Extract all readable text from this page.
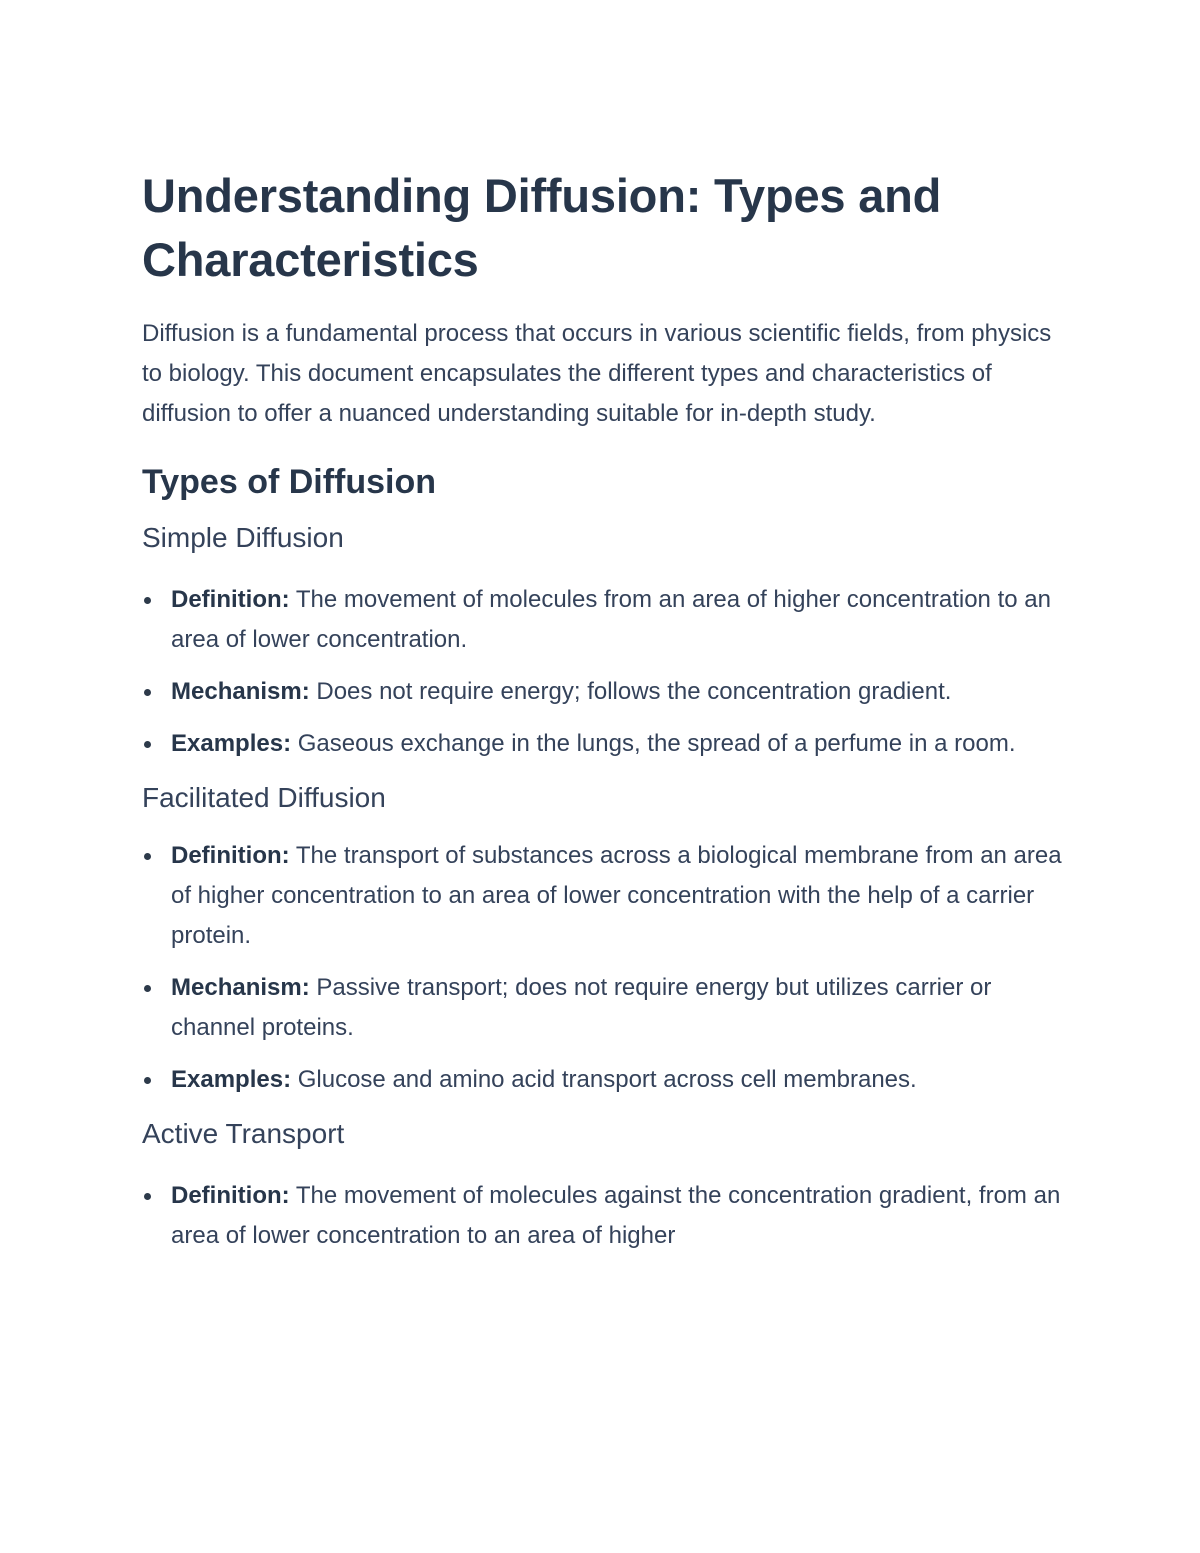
Understanding Diffusion: Types and Characteristics

Diffusion is a fundamental process that occurs in various scientific fields, from physics to biology. This document encapsulates the different types and characteristics of diffusion to offer a nuanced understanding suitable for in-depth study.

Types of Diffusion
Simple Diffusion
Definition: The movement of molecules from an area of higher concentration to an area of lower concentration.
Mechanism: Does not require energy; follows the concentration gradient.
Examples: Gaseous exchange in the lungs, the spread of a perfume in a room.
Facilitated Diffusion
Definition: The transport of substances across a biological membrane from an area of higher concentration to an area of lower concentration with the help of a carrier protein.
Mechanism: Passive transport; does not require energy but utilizes carrier or channel proteins.
Examples: Glucose and amino acid transport across cell membranes.
Active Transport
Definition: The movement of molecules against the concentration gradient, from an area of lower concentration to an area of higher
